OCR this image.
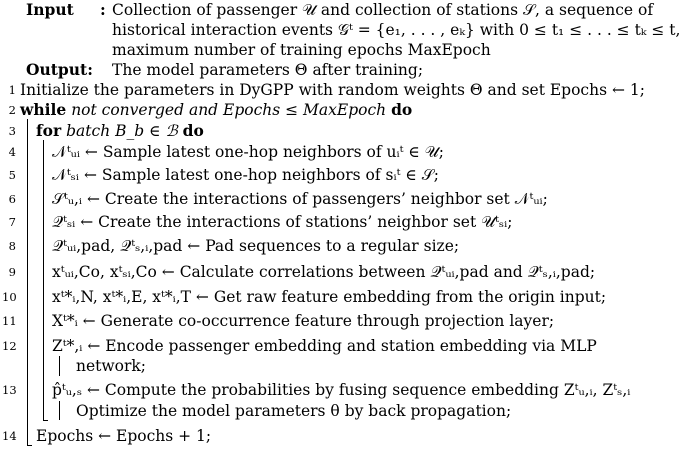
Input : Collection of passenger 𝒰 and collection of stations 𝒮, a sequence of
historical interaction events 𝒢ᵗ = {e₁, . . . , eₖ} with 0 ≤ t₁ ≤ . . . ≤ tₖ ≤ t,
maximum number of training epochs MaxEpoch
Output: The model parameters Θ after training;
1 Initialize the parameters in DyGPP with random weights Θ and set Epochs ← 1;
2 while not converged and Epochs ≤ MaxEpoch do
3 for batch B_b ∈ ℬ do
4 𝒩ᵗᵤᵢ ← Sample latest one-hop neighbors of uᵢᵗ ∈ 𝒰;
5 𝒩ᵗₛᵢ ← Sample latest one-hop neighbors of sᵢᵗ ∈ 𝒮;
6 𝒮ᵗᵤ,ᵢ ← Create the interactions of passengers’ neighbor set 𝒩ᵗᵤᵢ;
7 𝒬ᵗₛᵢ ← Create the interactions of stations’ neighbor set 𝒰ᵗₛᵢ;
8 𝒬ᵗᵤᵢ,pad, 𝒬ᵗₛ,ᵢ,pad ← Pad sequences to a regular size;
9 xᵗᵤᵢ,Co, xᵗₛᵢ,Co ← Calculate correlations between 𝒬ᵗᵤᵢ,pad and 𝒬ᵗₛ,ᵢ,pad;
10 xᵗ*ᵢ,N, xᵗ*ᵢ,E, xᵗ*ᵢ,T ← Get raw feature embedding from the origin input;
11 Xᵗ*ᵢ ← Generate co-occurrence feature through projection layer;
12 Zᵗ*,ᵢ ← Encode passenger embedding and station embedding via MLP
network;
13 p̂ᵗᵤ,ₛ ← Compute the probabilities by fusing sequence embedding Zᵗᵤ,ᵢ, Zᵗₛ,ᵢ
Optimize the model parameters θ by back propagation;
14 Epochs ← Epochs + 1;
